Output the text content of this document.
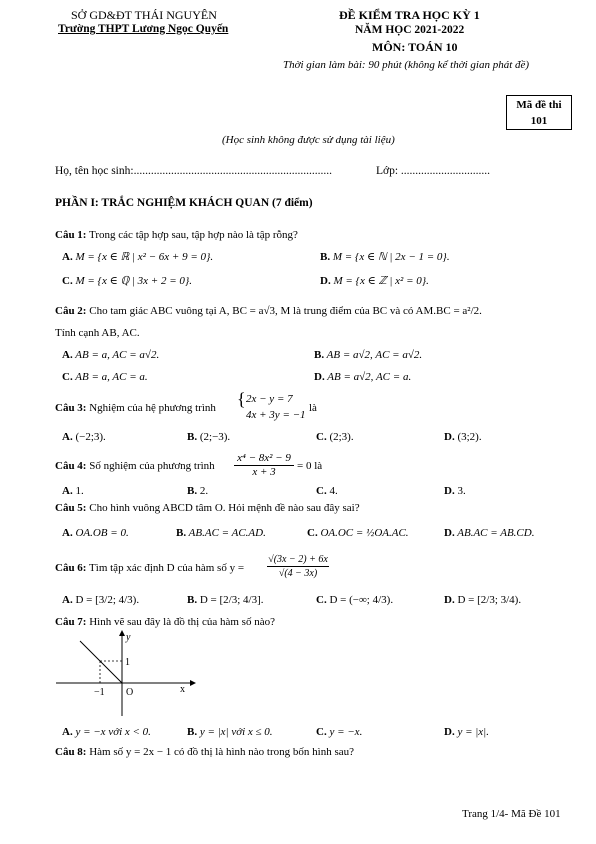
SỞ GD&ĐT THÁI NGUYÊN
Trường THPT Lương Ngọc Quyến
ĐỀ KIỂM TRA HỌC KỲ 1
NĂM HỌC 2021-2022
MÔN: TOÁN 10
Thời gian làm bài: 90 phút (không kể thời gian phát đề)
Mã đề thi
101
(Học sinh không được sử dụng tài liệu)
Họ, tên học sinh:.....................................................................	Lớp: ...............................
PHẦN I: TRẮC NGHIỆM KHÁCH QUAN (7 điểm)
Câu 1: Trong các tập hợp sau, tập hợp nào là tập rỗng?
A. M = {x ∈ ℝ | x² − 6x + 9 = 0}.	B. M = {x ∈ ℕ | 2x − 1 = 0}.
C. M = {x ∈ ℚ | 3x + 2 = 0}.	D. M = {x ∈ ℤ | x² = 0}.
Câu 2: Cho tam giác ABC vuông tại A, BC = a√3, M là trung điểm của BC và có AM.BC = a²/2.
Tính cạnh AB, AC.
A. AB = a, AC = a√2.	B. AB = a√2, AC = a√2.
C. AB = a, AC = a.	D. AB = a√2, AC = a.
Câu 3: Nghiệm của hệ phương trình { 2x − y = 7
4x + 3y = −1
là
A. (−2;3).	B. (2;−3).	C. (2;3).	D. (3;2).
Câu 4: Số nghiệm của phương trình $\frac{\text{x⁴ − 8x² − 9}}{x + 3} = 0$ là
A. 1.	B. 2.	C. 4.	D. 3.
Câu 5: Cho hình vuông ABCD tâm O. Hỏi mệnh đề nào sau đây sai?
A. OA.OB = 0.	B. AB.AC = AC.AD.	C. OA.OC = ½OA.AC.	D. AB.AC = AB.CD.
Câu 6: Tìm tập xác định D của hàm số $y = \frac{√(3x - 2) + 6x}{√(4 - 3x)}$
A. D = [3/2; 4/3).	B. D = [2/3; 4/3].	C. D = (−∞; 4/3).	D. D = [2/3; 3/4).
Câu 7: Hình vẽ sau đây là đồ thị của hàm số nào?
y
x
1
−1 O
A. y = −x với x < 0.	B. y = |x| với x ≤ 0.	C. y = −x.	D. y = |x|.
Câu 8: Hàm số y = 2x − 1 có đồ thị là hình nào trong bốn hình sau?
Trang 1/4- Mã Đề 101
